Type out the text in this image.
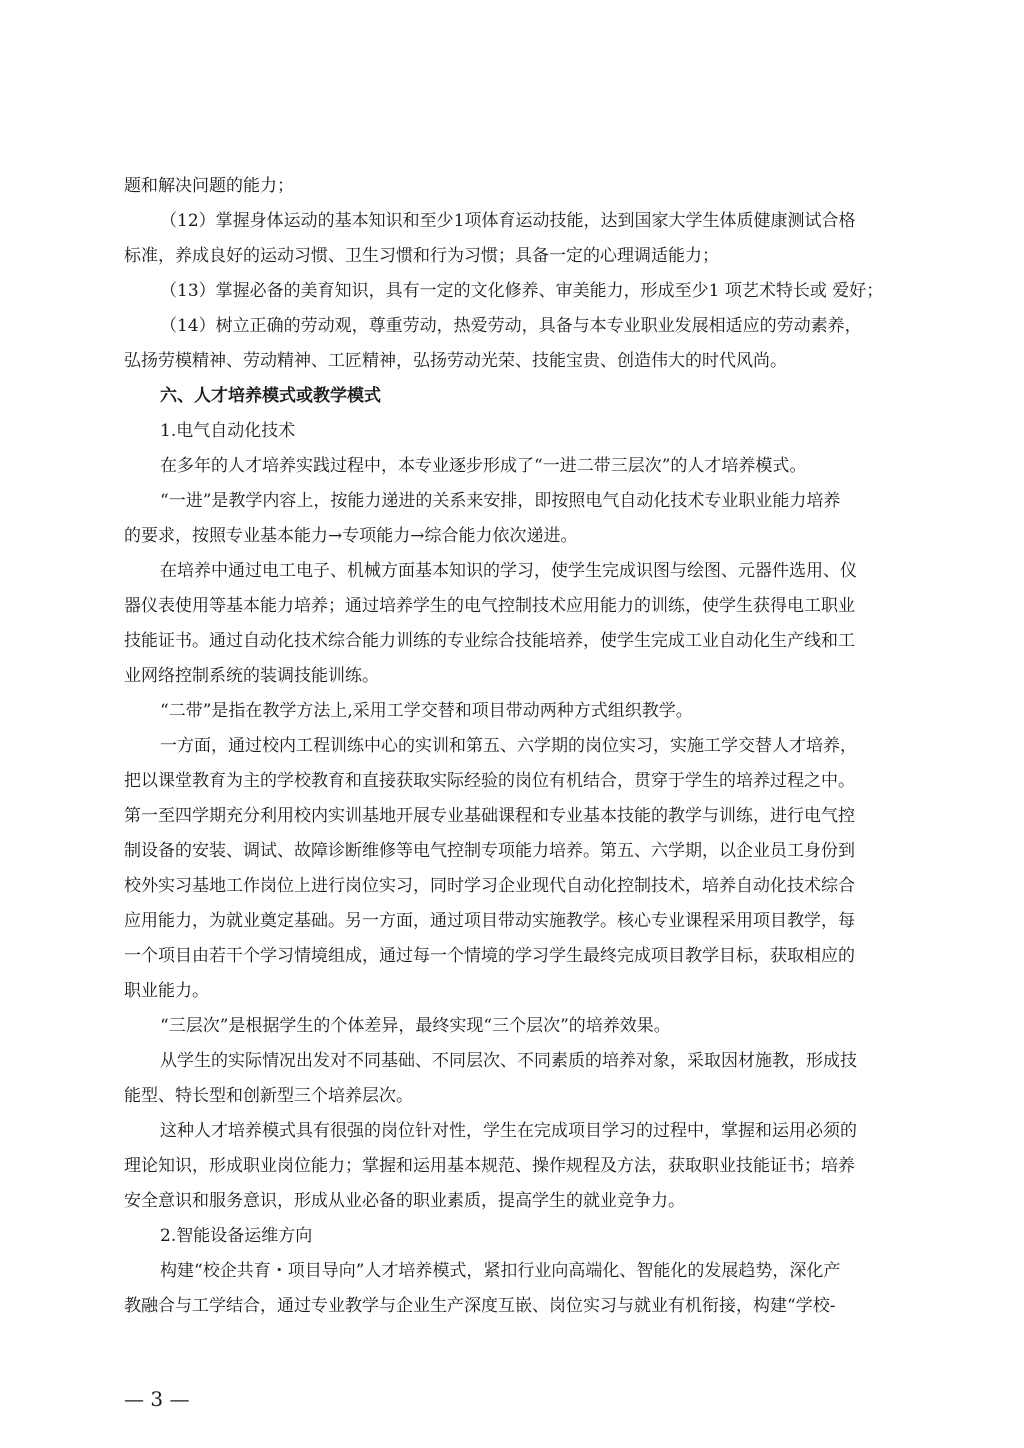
题和解决问题的能力；
（12）掌握身体运动的基本知识和至少1项体育运动技能，达到国家大学生体质健康测试合格
标准，养成良好的运动习惯、卫生习惯和行为习惯；具备一定的心理调适能力；
（13）掌握必备的美育知识，具有一定的文化修养、审美能力，形成至少1 项艺术特长或 爱好；
（14）树立正确的劳动观，尊重劳动，热爱劳动，具备与本专业职业发展相适应的劳动素养，
弘扬劳模精神、劳动精神、工匠精神，弘扬劳动光荣、技能宝贵、创造伟大的时代风尚。
六、人才培养模式或教学模式
1.电气自动化技术
在多年的人才培养实践过程中，本专业逐步形成了“一进二带三层次”的人才培养模式。
“一进”是教学内容上，按能力递进的关系来安排，即按照电气自动化技术专业职业能力培养
的要求，按照专业基本能力→专项能力→综合能力依次递进。
在培养中通过电工电子、机械方面基本知识的学习，使学生完成识图与绘图、元器件选用、仪
器仪表使用等基本能力培养；通过培养学生的电气控制技术应用能力的训练，使学生获得电工职业
技能证书。通过自动化技术综合能力训练的专业综合技能培养，使学生完成工业自动化生产线和工
业网络控制系统的装调技能训练。
“二带”是指在教学方法上,采用工学交替和项目带动两种方式组织教学。
一方面，通过校内工程训练中心的实训和第五、六学期的岗位实习，实施工学交替人才培养，
把以课堂教育为主的学校教育和直接获取实际经验的岗位有机结合，贯穿于学生的培养过程之中。
第一至四学期充分利用校内实训基地开展专业基础课程和专业基本技能的教学与训练，进行电气控
制设备的安装、调试、故障诊断维修等电气控制专项能力培养。第五、六学期，以企业员工身份到
校外实习基地工作岗位上进行岗位实习，同时学习企业现代自动化控制技术，培养自动化技术综合
应用能力，为就业奠定基础。另一方面，通过项目带动实施教学。核心专业课程采用项目教学，每
一个项目由若干个学习情境组成，通过每一个情境的学习学生最终完成项目教学目标，获取相应的
职业能力。
“三层次”是根据学生的个体差异，最终实现“三个层次”的培养效果。
从学生的实际情况出发对不同基础、不同层次、不同素质的培养对象，采取因材施教，形成技
能型、特长型和创新型三个培养层次。
这种人才培养模式具有很强的岗位针对性，学生在完成项目学习的过程中，掌握和运用必须的
理论知识，形成职业岗位能力；掌握和运用基本规范、操作规程及方法，获取职业技能证书；培养
安全意识和服务意识，形成从业必备的职业素质，提高学生的就业竞争力。
2.智能设备运维方向
构建“校企共育・项目导向”人才培养模式，紧扣行业向高端化、智能化的发展趋势，深化产
教融合与工学结合，通过专业教学与企业生产深度互嵌、岗位实习与就业有机衔接，构建“学校-
— 3 —
